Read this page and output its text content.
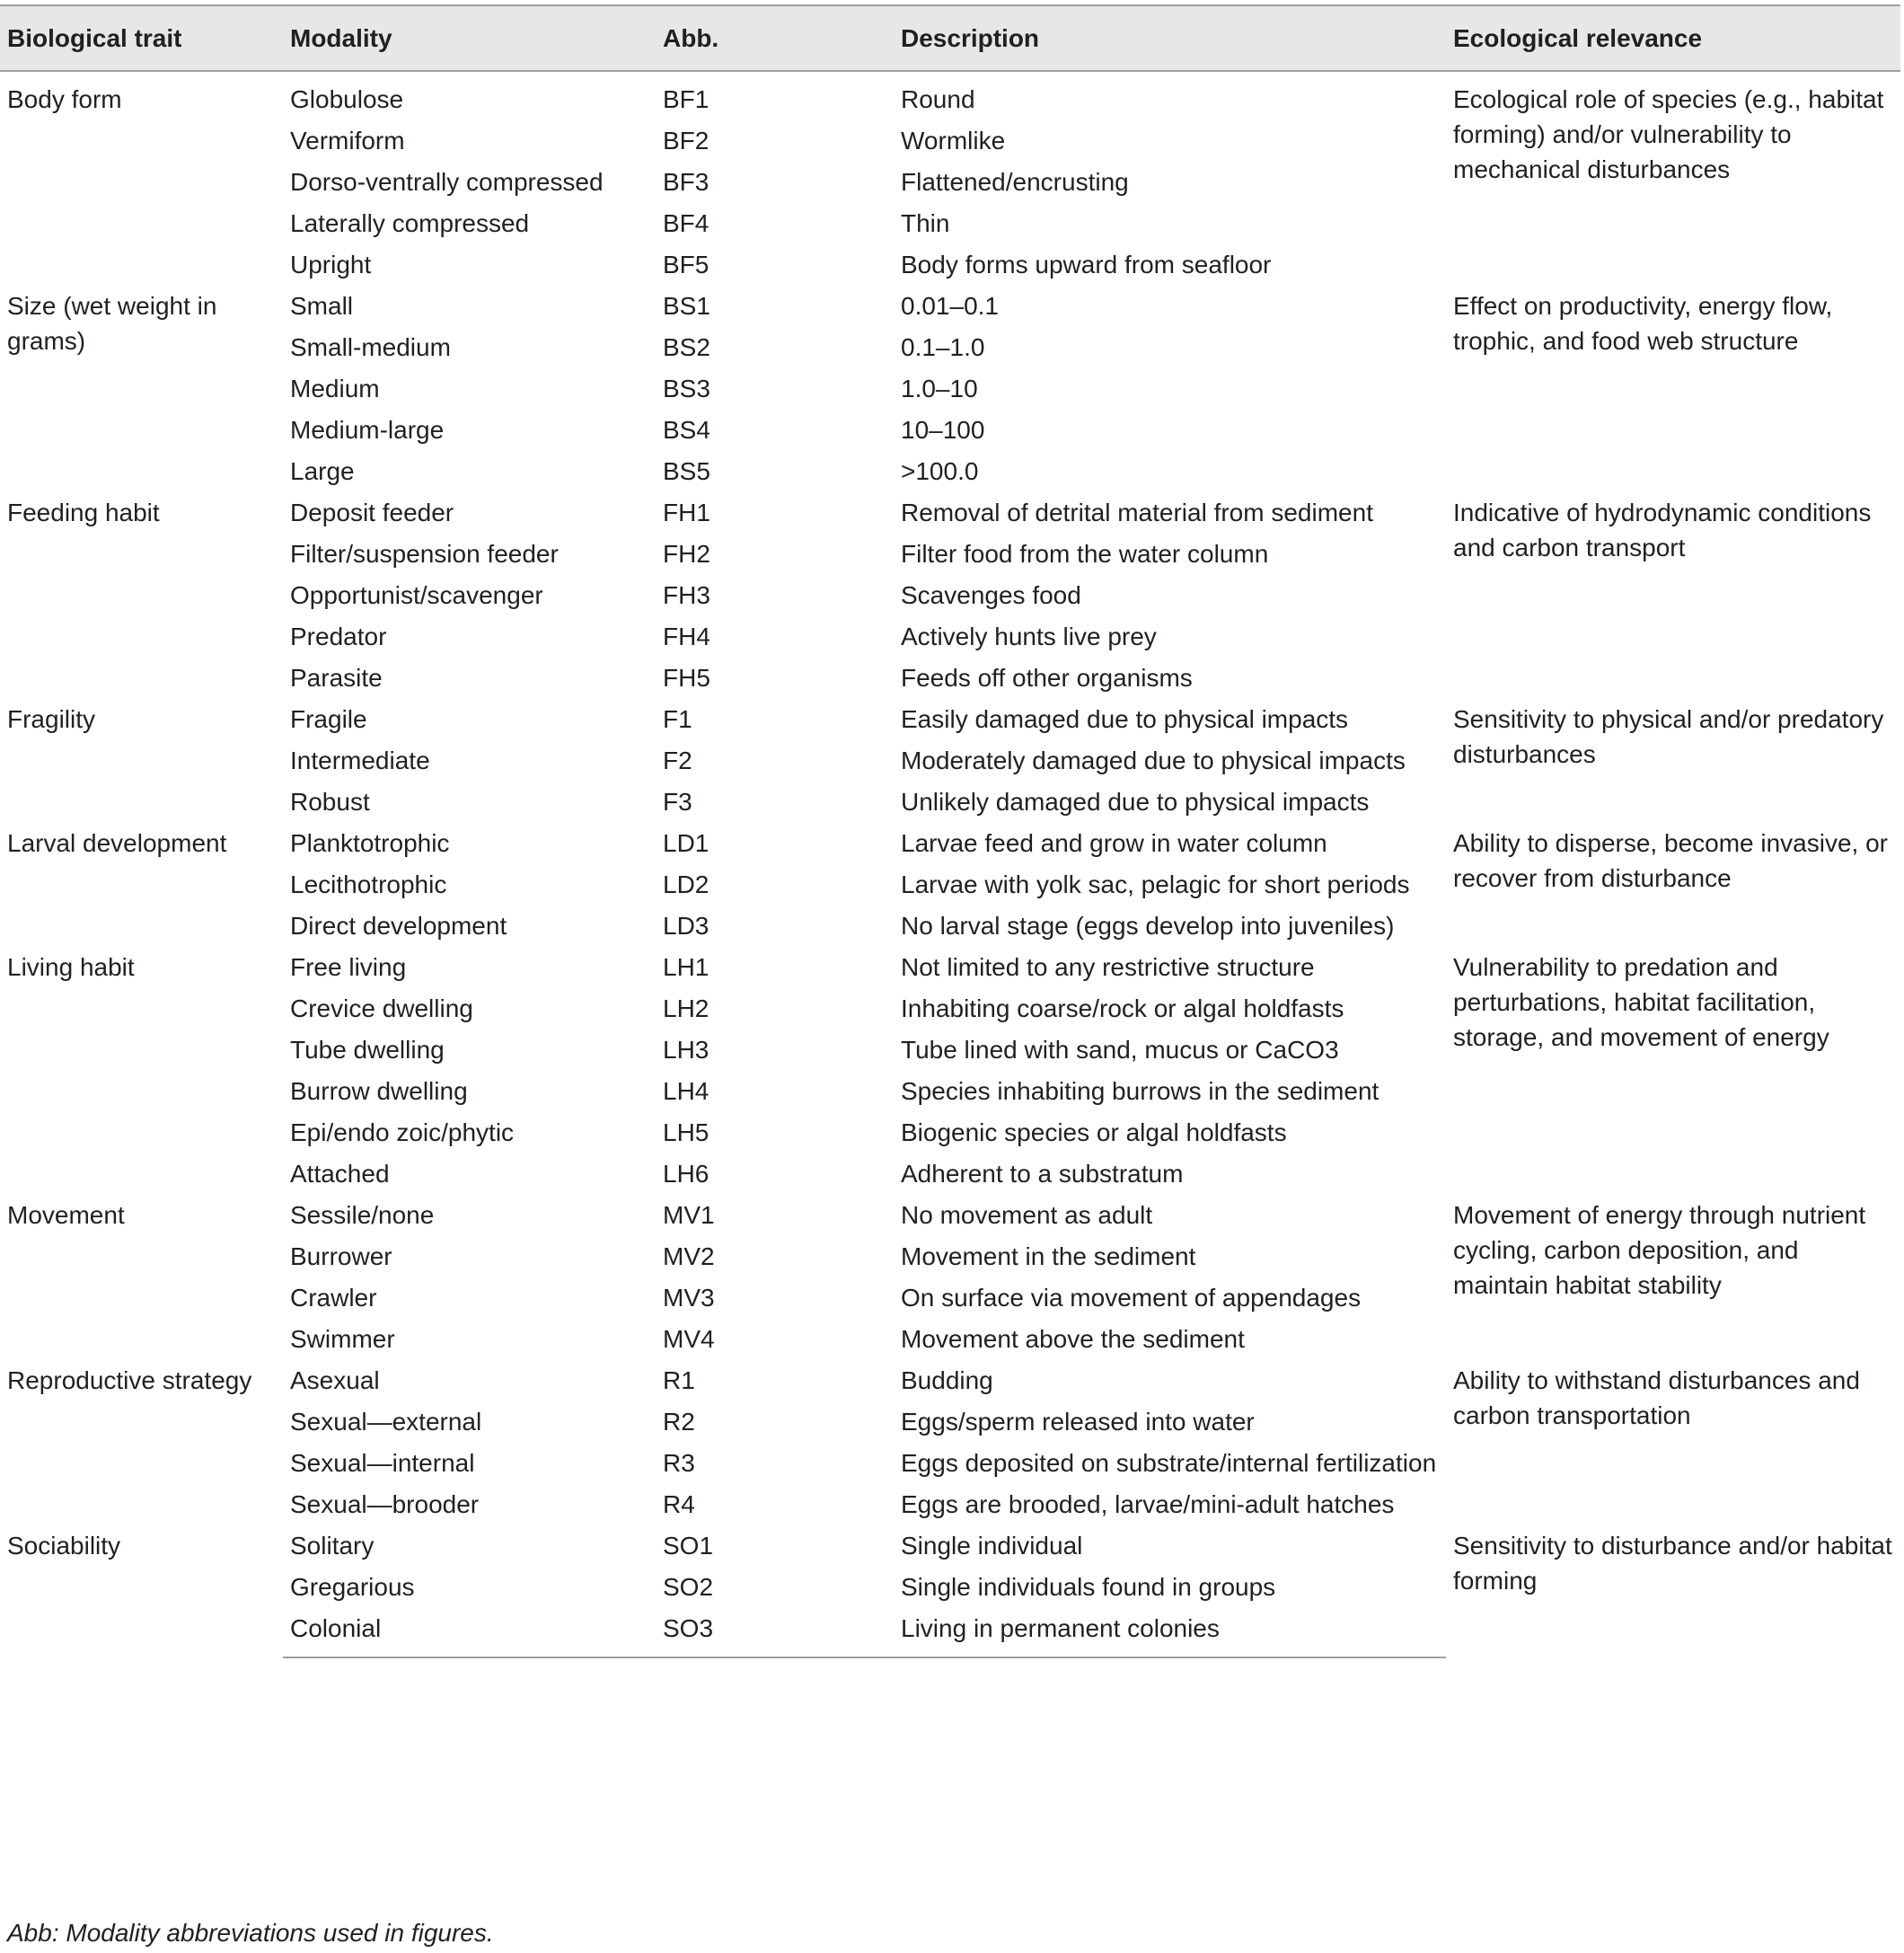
Biological trait	Modality	Abb.	Description	Ecological relevance
Body form	Globulose	BF1	Round	Ecological role of species (e.g., habitat forming) and/or vulnerability to mechanical disturbances
	Vermiform	BF2	Wormlike	
	Dorso-ventrally compressed	BF3	Flattened/encrusting	
	Laterally compressed	BF4	Thin	
	Upright	BF5	Body forms upward from seafloor	
Size (wet weight in grams)	Small	BS1	0.01–0.1	Effect on productivity, energy flow, trophic, and food web structure
	Small-medium	BS2	0.1–1.0	
	Medium	BS3	1.0–10	
	Medium-large	BS4	10–100	
	Large	BS5	>100.0	
Feeding habit	Deposit feeder	FH1	Removal of detrital material from sediment	Indicative of hydrodynamic conditions and carbon transport
	Filter/suspension feeder	FH2	Filter food from the water column	
	Opportunist/scavenger	FH3	Scavenges food	
	Predator	FH4	Actively hunts live prey	
	Parasite	FH5	Feeds off other organisms	
Fragility	Fragile	F1	Easily damaged due to physical impacts	Sensitivity to physical and/or predatory disturbances
	Intermediate	F2	Moderately damaged due to physical impacts	
	Robust	F3	Unlikely damaged due to physical impacts	
Larval development	Planktotrophic	LD1	Larvae feed and grow in water column	Ability to disperse, become invasive, or recover from disturbance
	Lecithotrophic	LD2	Larvae with yolk sac, pelagic for short periods	
	Direct development	LD3	No larval stage (eggs develop into juveniles)	
Living habit	Free living	LH1	Not limited to any restrictive structure	Vulnerability to predation and perturbations, habitat facilitation, storage, and movement of energy
	Crevice dwelling	LH2	Inhabiting coarse/rock or algal holdfasts	
	Tube dwelling	LH3	Tube lined with sand, mucus or CaCO3	
	Burrow dwelling	LH4	Species inhabiting burrows in the sediment	
	Epi/endo zoic/phytic	LH5	Biogenic species or algal holdfasts	
	Attached	LH6	Adherent to a substratum	
Movement	Sessile/none	MV1	No movement as adult	Movement of energy through nutrient cycling, carbon deposition, and maintain habitat stability
	Burrower	MV2	Movement in the sediment	
	Crawler	MV3	On surface via movement of appendages	
	Swimmer	MV4	Movement above the sediment	
Reproductive strategy	Asexual	R1	Budding	Ability to withstand disturbances and carbon transportation
	Sexual—external	R2	Eggs/sperm released into water	
	Sexual—internal	R3	Eggs deposited on substrate/internal fertilization	
	Sexual—brooder	R4	Eggs are brooded, larvae/mini-adult hatches	
Sociability	Solitary	SO1	Single individual	Sensitivity to disturbance and/or habitat forming
	Gregarious	SO2	Single individuals found in groups	
	Colonial	SO3	Living in permanent colonies	
Abb: Modality abbreviations used in figures.
